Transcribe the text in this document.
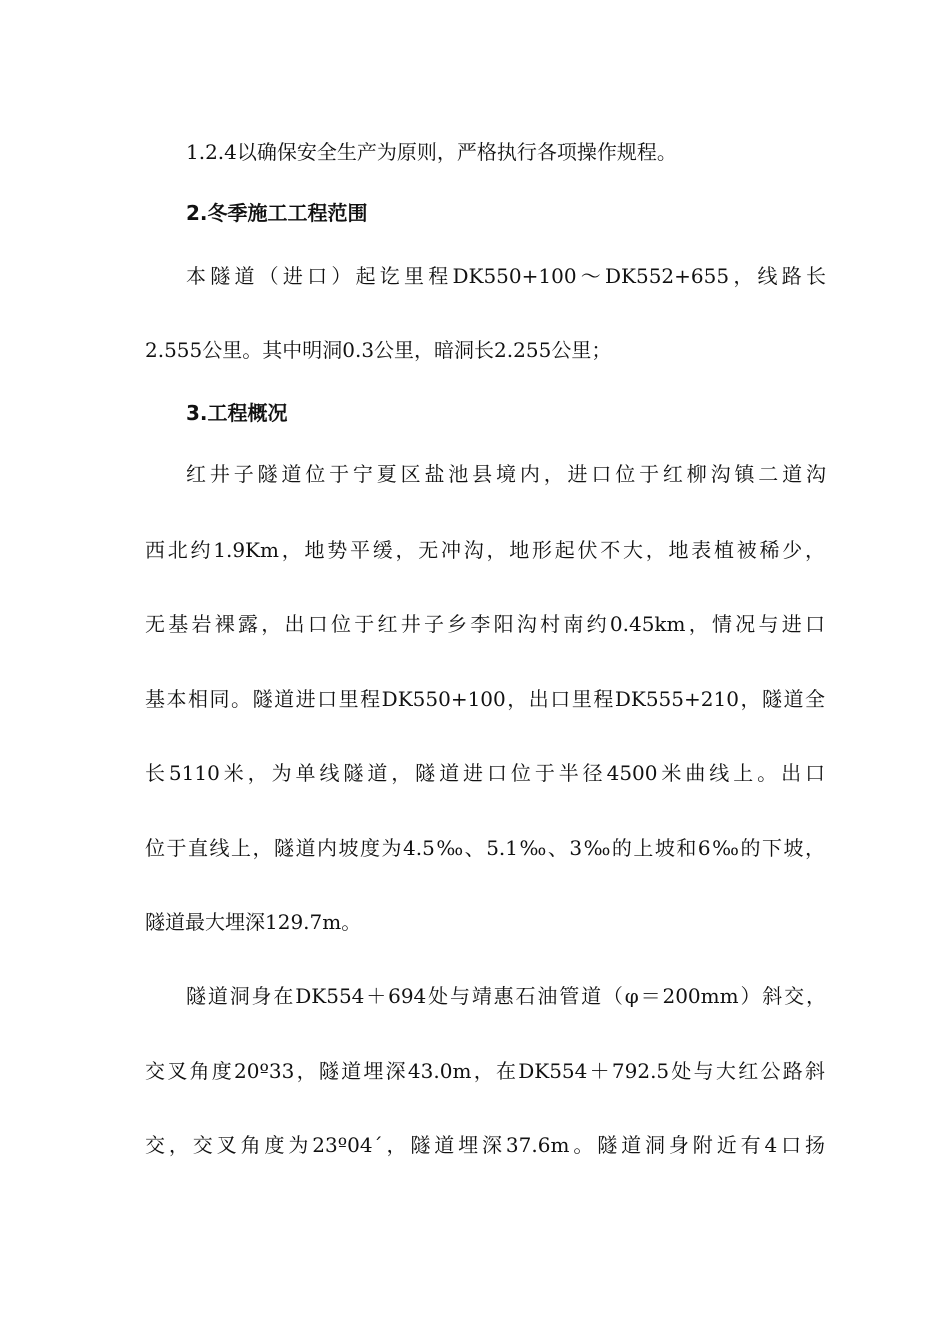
1.2.4以确保安全生产为原则，严格执行各项操作规程。
2.冬季施工工程范围
本隧道（进口）起讫里程DK550+100～DK552+655，线路长
2.555公里。其中明洞0.3公里，暗洞长2.255公里；
3.工程概况
红井子隧道位于宁夏区盐池县境内，进口位于红柳沟镇二道沟
西北约1.9Km，地势平缓，无冲沟，地形起伏不大，地表植被稀少，
无基岩裸露，出口位于红井子乡李阳沟村南约0.45km，情况与进口
基本相同。隧道进口里程DK550+100，出口里程DK555+210，隧道全
长5110米，为单线隧道，隧道进口位于半径4500米曲线上。出口
位于直线上，隧道内坡度为4.5‰、5.1‰、3‰的上坡和6‰的下坡，
隧道最大埋深129.7m。
隧道洞身在DK554＋694处与靖惠石油管道（φ＝200mm）斜交，
交叉角度20º33，隧道埋深43.0m，在DK554＋792.5处与大红公路斜
交，交叉角度为23º04΄，隧道埋深37.6m。隧道洞身附近有4口扬
